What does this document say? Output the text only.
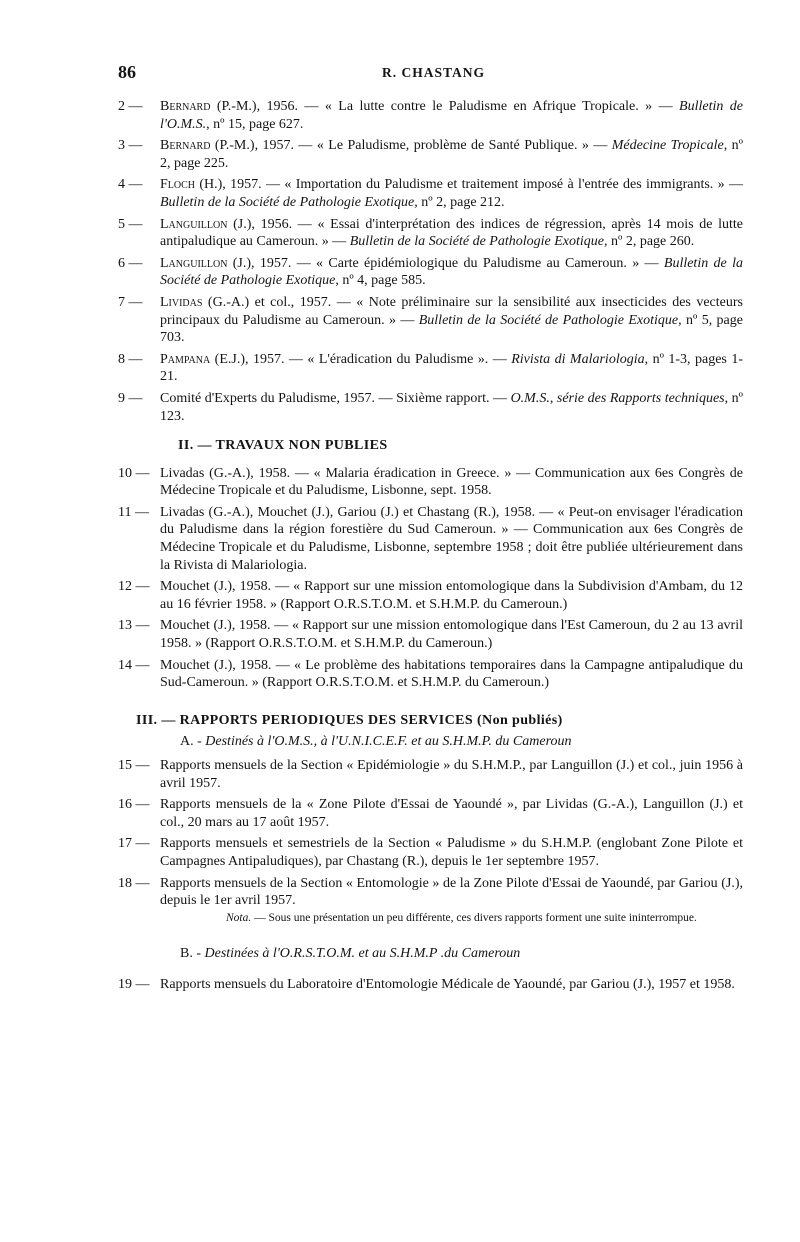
86	R. CHASTANG
2 —	Bernard (P.-M.), 1956. — « La lutte contre le Paludisme en Afrique Tropicale. » — Bulletin de l'O.M.S., nº 15, page 627.
3 —	Bernard (P.-M.), 1957. — « Le Paludisme, problème de Santé Publique. » — Médecine Tropicale, nº 2, page 225.
4 —	Floch (H.), 1957. — « Importation du Paludisme et traitement imposé à l'entrée des immigrants. » — Bulletin de la Société de Pathologie Exotique, nº 2, page 212.
5 —	Languillon (J.), 1956. — « Essai d'interprétation des indices de régression, après 14 mois de lutte antipaludique au Cameroun. » — Bulletin de la Société de Pathologie Exotique, nº 2, page 260.
6 —	Languillon (J.), 1957. — « Carte épidémiologique du Paludisme au Cameroun. » — Bulletin de la Société de Pathologie Exotique, nº 4, page 585.
7 —	Lividas (G.-A.) et col., 1957. — « Note préliminaire sur la sensibilité aux insecticides des vecteurs principaux du Paludisme au Cameroun. » — Bulletin de la Société de Pathologie Exotique, nº 5, page 703.
8 —	Pampana (E.J.), 1957. — « L'éradication du Paludisme ». — Rivista di Malariologia, nº 1-3, pages 1-21.
9 —	Comité d'Experts du Paludisme, 1957. — Sixième rapport. — O.M.S., série des Rapports techniques, nº 123.
II. — TRAVAUX NON PUBLIES
10 — Livadas (G.-A.), 1958. — « Malaria éradication in Greece. » — Communication aux 6es Congrès de Médecine Tropicale et du Paludisme, Lisbonne, sept. 1958.
11 — Livadas (G.-A.), Mouchet (J.), Gariou (J.) et Chastang (R.), 1958. — « Peut-on envisager l'éradication du Paludisme dans la région forestière du Sud Cameroun. » — Communication aux 6es Congrès de Médecine Tropicale et du Paludisme, Lisbonne, septembre 1958 ; doit être publiée ultérieurement dans la Rivista di Malariologia.
12 — Mouchet (J.), 1958. — « Rapport sur une mission entomologique dans la Subdivision d'Ambam, du 12 au 16 février 1958. » (Rapport O.R.S.T.O.M. et S.H.M.P. du Cameroun.)
13 — Mouchet (J.), 1958. — « Rapport sur une mission entomologique dans l'Est Cameroun, du 2 au 13 avril 1958. » (Rapport O.R.S.T.O.M. et S.H.M.P. du Cameroun.)
14 — Mouchet (J.), 1958. — « Le problème des habitations temporaires dans la Campagne antipaludique du Sud-Cameroun. » (Rapport O.R.S.T.O.M. et S.H.M.P. du Cameroun.)
III. — RAPPORTS PERIODIQUES DES SERVICES (Non publiés)
A. - Destinés à l'O.M.S., à l'U.N.I.C.E.F. et au S.H.M.P. du Cameroun
15 — Rapports mensuels de la Section « Epidémiologie » du S.H.M.P., par Languillon (J.) et col., juin 1956 à avril 1957.
16 — Rapports mensuels de la « Zone Pilote d'Essai de Yaoundé », par Lividas (G.-A.), Languillon (J.) et col., 20 mars au 17 août 1957.
17 — Rapports mensuels et semestriels de la Section « Paludisme » du S.H.M.P. (englobant Zone Pilote et Campagnes Antipaludiques), par Chastang (R.), depuis le 1er septembre 1957.
18 — Rapports mensuels de la Section « Entomologie » de la Zone Pilote d'Essai de Yaoundé, par Gariou (J.), depuis le 1er avril 1957.
Nota. — Sous une présentation un peu différente, ces divers rapports forment une suite ininterrompue.
B. - Destinées à l'O.R.S.T.O.M. et au S.H.M.P .du Cameroun
19 — Rapports mensuels du Laboratoire d'Entomologie Médicale de Yaoundé, par Gariou (J.), 1957 et 1958.
